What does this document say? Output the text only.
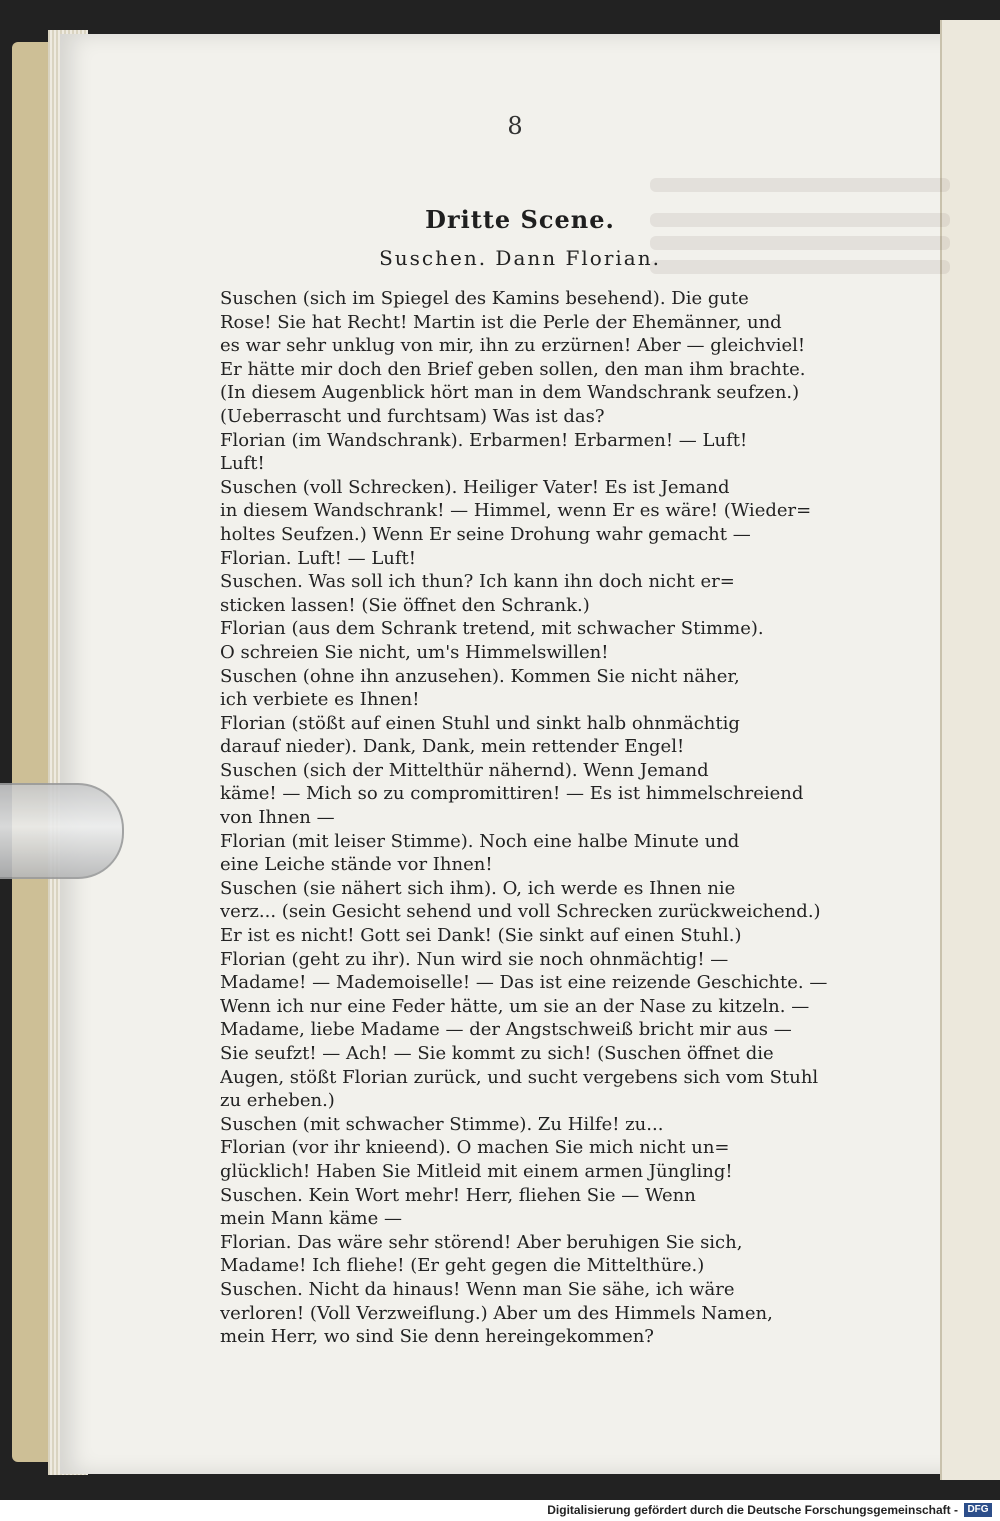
8
Dritte Scene.
Suschen. Dann Florian.
Suschen (sich im Spiegel des Kamins besehend). Die gute
Rose! Sie hat Recht! Martin ist die Perle der Ehemänner, und
es war sehr unklug von mir, ihn zu erzürnen! Aber — gleichviel!
Er hätte mir doch den Brief geben sollen, den man ihm brachte.
(In diesem Augenblick hört man in dem Wandschrank seufzen.)
(Ueberrascht und furchtsam) Was ist das?
Florian (im Wandschrank). Erbarmen! Erbarmen! — Luft!
Luft!
Suschen (voll Schrecken). Heiliger Vater! Es ist Jemand
in diesem Wandschrank! — Himmel, wenn Er es wäre! (Wieder=
holtes Seufzen.) Wenn Er seine Drohung wahr gemacht —
Florian. Luft! — Luft!
Suschen. Was soll ich thun? Ich kann ihn doch nicht er=
sticken lassen! (Sie öffnet den Schrank.)
Florian (aus dem Schrank tretend, mit schwacher Stimme).
O schreien Sie nicht, um's Himmelswillen!
Suschen (ohne ihn anzusehen). Kommen Sie nicht näher,
ich verbiete es Ihnen!
Florian (stößt auf einen Stuhl und sinkt halb ohnmächtig
darauf nieder). Dank, Dank, mein rettender Engel!
Suschen (sich der Mittelthür nähernd). Wenn Jemand
käme! — Mich so zu compromittiren! — Es ist himmelschreiend
von Ihnen —
Florian (mit leiser Stimme). Noch eine halbe Minute und
eine Leiche stände vor Ihnen!
Suschen (sie nähert sich ihm). O, ich werde es Ihnen nie
verz... (sein Gesicht sehend und voll Schrecken zurückweichend.)
Er ist es nicht! Gott sei Dank! (Sie sinkt auf einen Stuhl.)
Florian (geht zu ihr). Nun wird sie noch ohnmächtig! —
Madame! — Mademoiselle! — Das ist eine reizende Geschichte. —
Wenn ich nur eine Feder hätte, um sie an der Nase zu kitzeln. —
Madame, liebe Madame — der Angstschweiß bricht mir aus —
Sie seufzt! — Ach! — Sie kommt zu sich! (Suschen öffnet die
Augen, stößt Florian zurück, und sucht vergebens sich vom Stuhl
zu erheben.)
Suschen (mit schwacher Stimme). Zu Hilfe! zu...
Florian (vor ihr knieend). O machen Sie mich nicht un=
glücklich! Haben Sie Mitleid mit einem armen Jüngling!
Suschen. Kein Wort mehr! Herr, fliehen Sie — Wenn
mein Mann käme —
Florian. Das wäre sehr störend! Aber beruhigen Sie sich,
Madame! Ich fliehe! (Er geht gegen die Mittelthüre.)
Suschen. Nicht da hinaus! Wenn man Sie sähe, ich wäre
verloren! (Voll Verzweiflung.) Aber um des Himmels Namen,
mein Herr, wo sind Sie denn hereingekommen?
Digitalisierung gefördert durch die Deutsche Forschungsgemeinschaft - DFG
